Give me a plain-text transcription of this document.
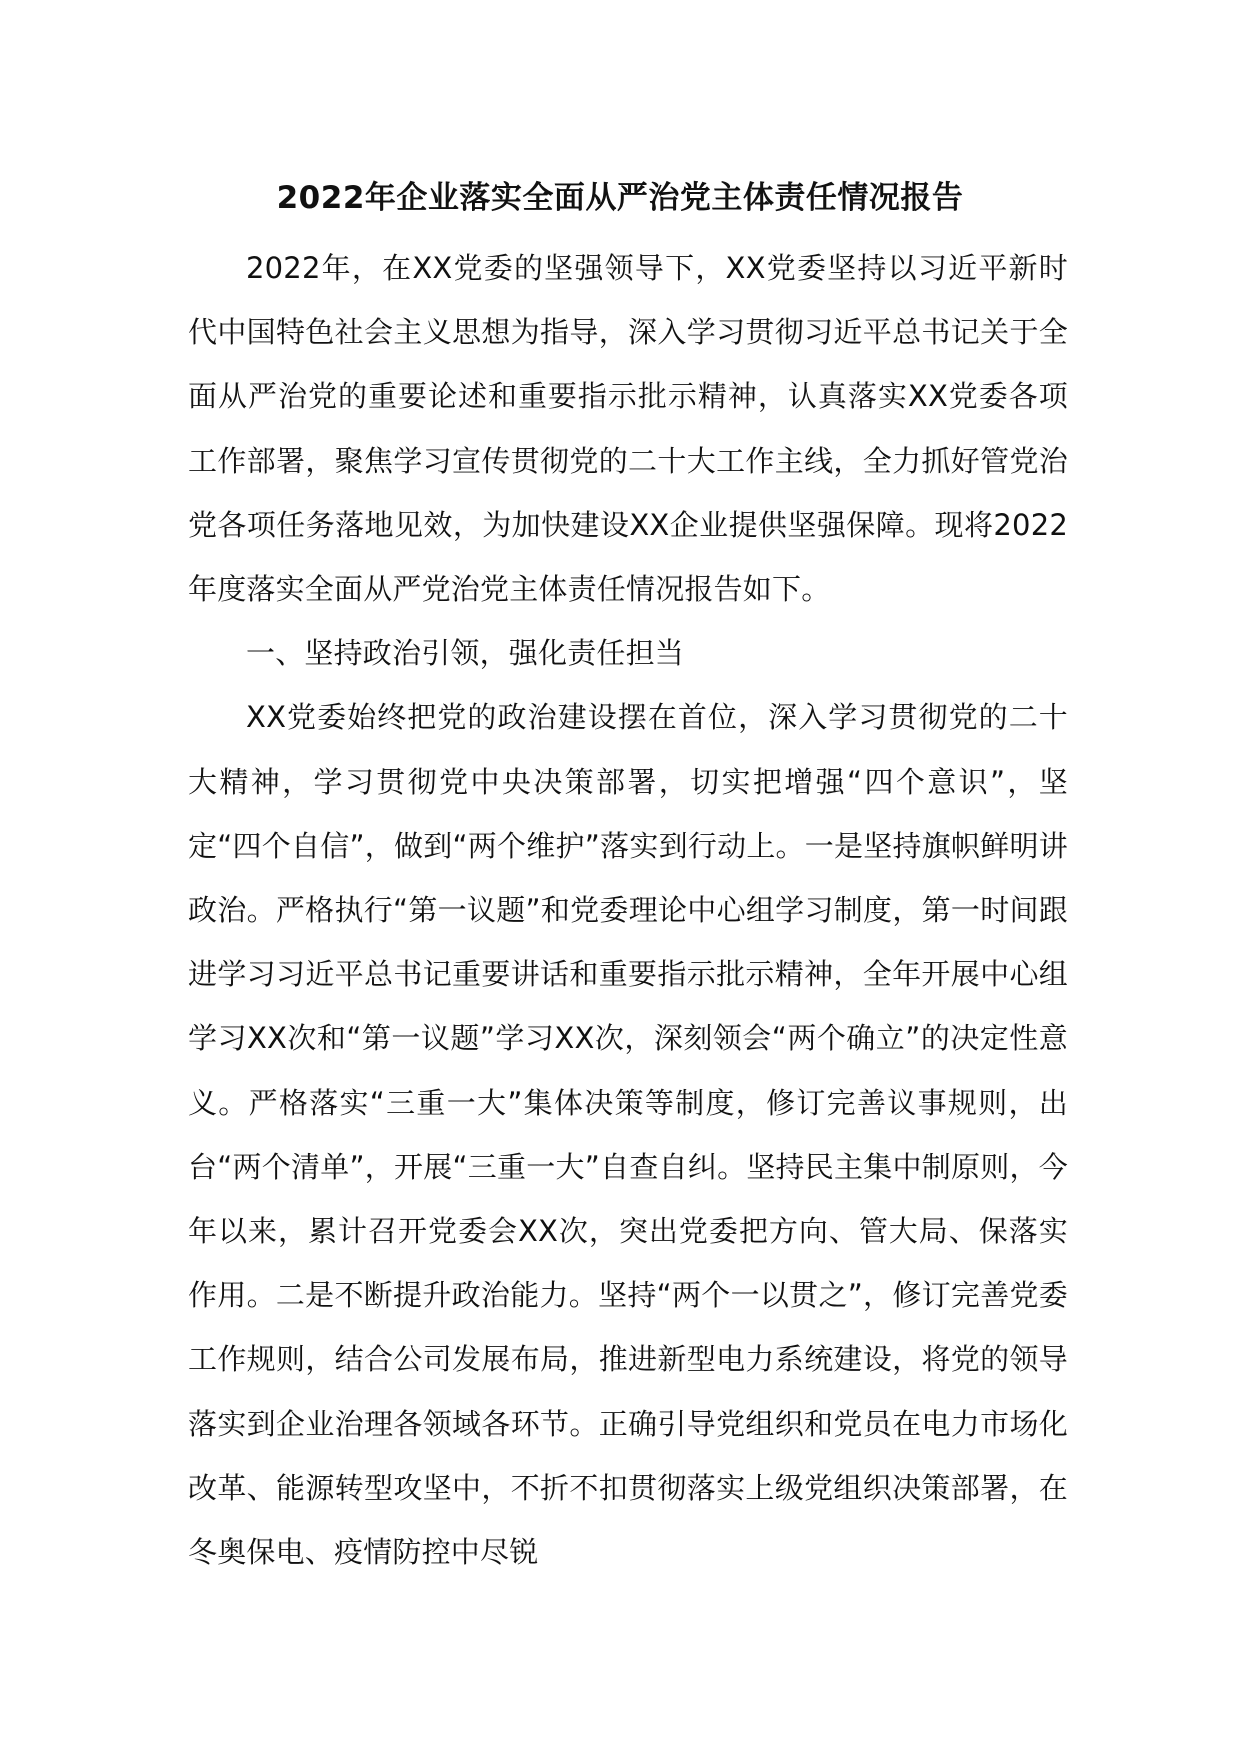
2022年企业落实全面从严治党主体责任情况报告

2022年，在XX党委的坚强领导下，XX党委坚持以习近平新时代中国特色社会主义思想为指导，深入学习贯彻习近平总书记关于全面从严治党的重要论述和重要指示批示精神，认真落实XX党委各项工作部署，聚焦学习宣传贯彻党的二十大工作主线，全力抓好管党治党各项任务落地见效，为加快建设XX企业提供坚强保障。现将2022年度落实全面从严党治党主体责任情况报告如下。

一、坚持政治引领，强化责任担当

XX党委始终把党的政治建设摆在首位，深入学习贯彻党的二十大精神，学习贯彻党中央决策部署，切实把增强“四个意识”，坚定“四个自信”，做到“两个维护”落实到行动上。一是坚持旗帜鲜明讲政治。严格执行“第一议题”和党委理论中心组学习制度，第一时间跟进学习习近平总书记重要讲话和重要指示批示精神，全年开展中心组学习XX次和“第一议题”学习XX次，深刻领会“两个确立”的决定性意义。严格落实“三重一大”集体决策等制度，修订完善议事规则，出台“两个清单”，开展“三重一大”自查自纠。坚持民主集中制原则，今年以来，累计召开党委会XX次，突出党委把方向、管大局、保落实作用。二是不断提升政治能力。坚持“两个一以贯之”，修订完善党委工作规则，结合公司发展布局，推进新型电力系统建设，将党的领导落实到企业治理各领域各环节。正确引导党组织和党员在电力市场化改革、能源转型攻坚中，不折不扣贯彻落实上级党组织决策部署，在冬奥保电、疫情防控中尽锐
